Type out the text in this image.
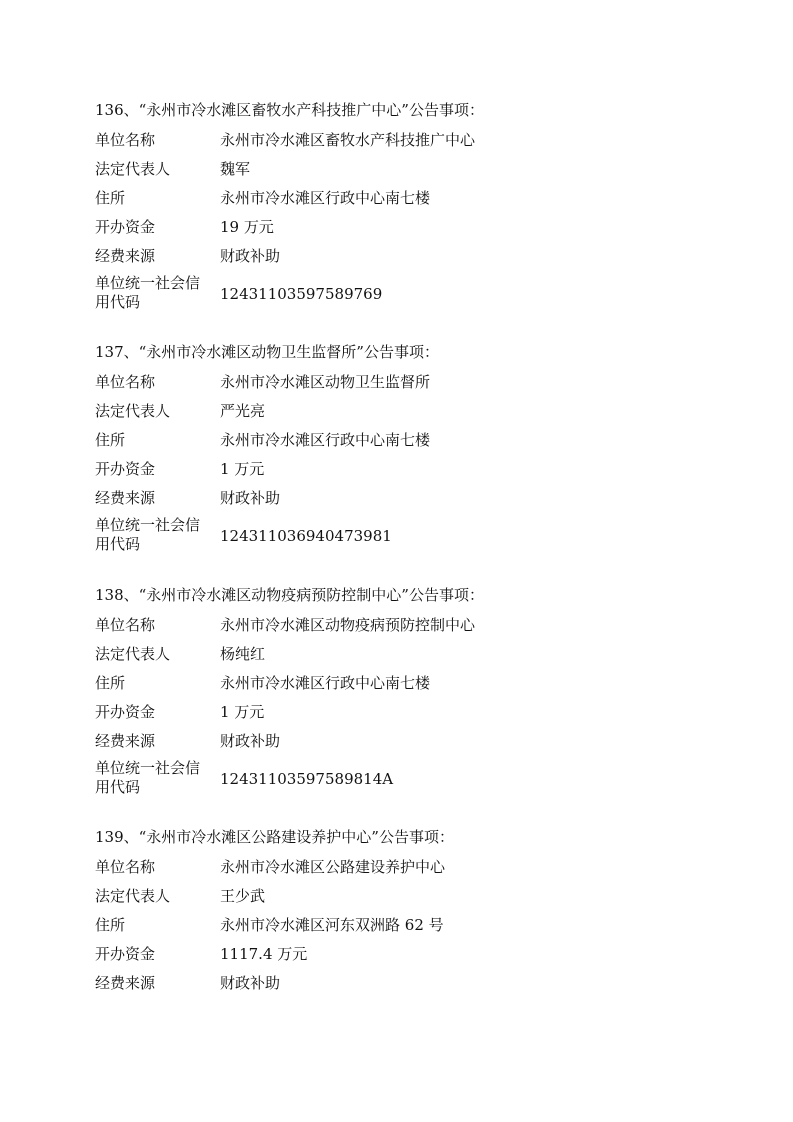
136、“永州市冷水滩区畜牧水产科技推广中心”公告事项：
单位名称	永州市冷水滩区畜牧水产科技推广中心
法定代表人	魏军
住所	永州市冷水滩区行政中心南七楼
开办资金	19 万元
经费来源	财政补助
单位统一社会信
用代码	12431103597589769
137、“永州市冷水滩区动物卫生监督所”公告事项：
单位名称	永州市冷水滩区动物卫生监督所
法定代表人	严光亮
住所	永州市冷水滩区行政中心南七楼
开办资金	1 万元
经费来源	财政补助
单位统一社会信
用代码	124311036940473981
138、“永州市冷水滩区动物疫病预防控制中心”公告事项：
单位名称	永州市冷水滩区动物疫病预防控制中心
法定代表人	杨纯红
住所	永州市冷水滩区行政中心南七楼
开办资金	1 万元
经费来源	财政补助
单位统一社会信
用代码	12431103597589814A
139、“永州市冷水滩区公路建设养护中心”公告事项：
单位名称	永州市冷水滩区公路建设养护中心
法定代表人	王少武
住所	永州市冷水滩区河东双洲路 62 号
开办资金	1117.4 万元
经费来源	财政补助
